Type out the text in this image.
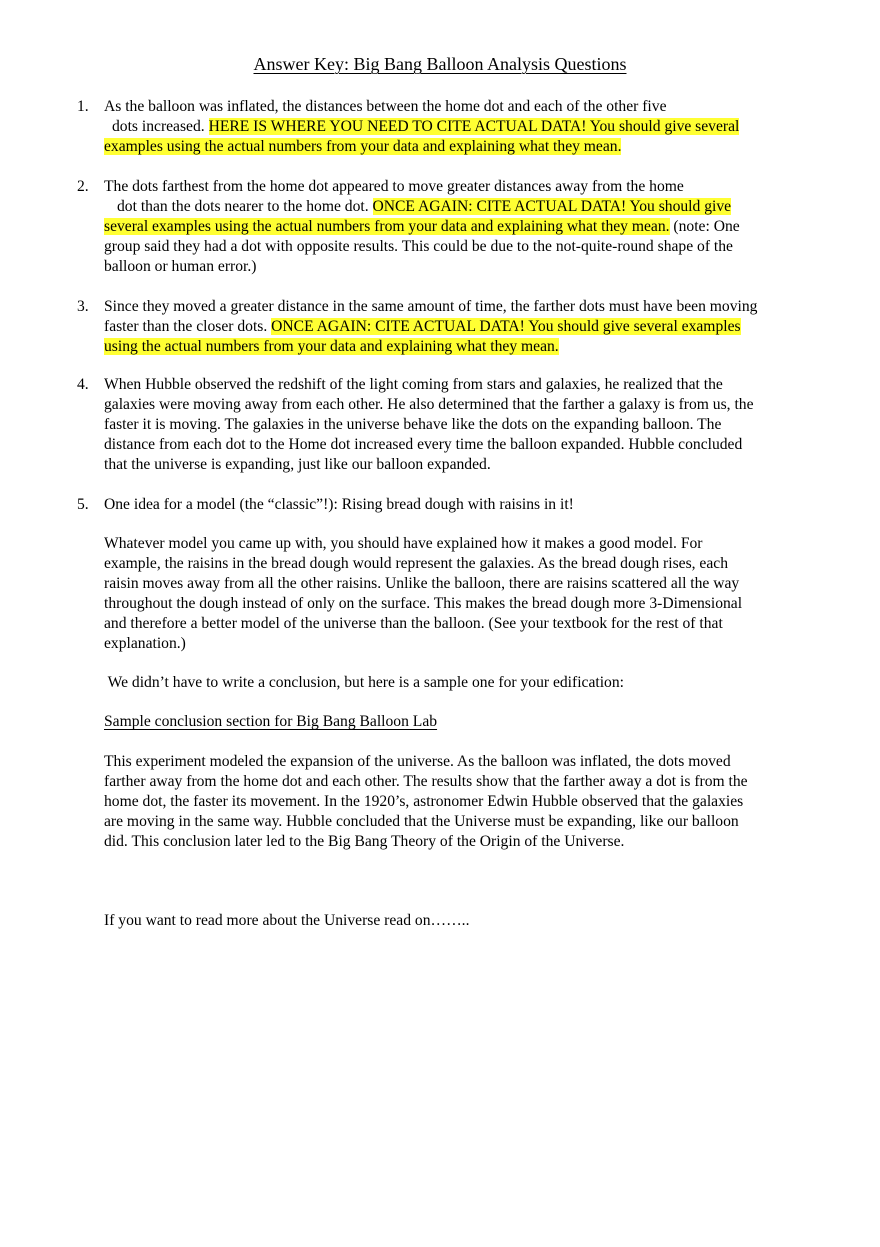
Answer Key: Big Bang Balloon Analysis Questions
1. As the balloon was inflated, the distances between the home dot and each of the other five
dots increased. HERE IS WHERE YOU NEED TO CITE ACTUAL DATA! You should give several
examples using the actual numbers from your data and explaining what they mean.
2. The dots farthest from the home dot appeared to move greater distances away from the home
dot than the dots nearer to the home dot. ONCE AGAIN: CITE ACTUAL DATA! You should give
several examples using the actual numbers from your data and explaining what they mean. (note: One
group said they had a dot with opposite results. This could be due to the not-quite-round shape of the
balloon or human error.)
3. Since they moved a greater distance in the same amount of time, the farther dots must have been moving
faster than the closer dots. ONCE AGAIN: CITE ACTUAL DATA! You should give several examples
using the actual numbers from your data and explaining what they mean.
4. When Hubble observed the redshift of the light coming from stars and galaxies, he realized that the
galaxies were moving away from each other. He also determined that the farther a galaxy is from us, the
faster it is moving. The galaxies in the universe behave like the dots on the expanding balloon. The
distance from each dot to the Home dot increased every time the balloon expanded. Hubble concluded
that the universe is expanding, just like our balloon expanded.
5. One idea for a model (the “classic”!): Rising bread dough with raisins in it!
Whatever model you came up with, you should have explained how it makes a good model. For
example, the raisins in the bread dough would represent the galaxies. As the bread dough rises, each
raisin moves away from all the other raisins. Unlike the balloon, there are raisins scattered all the way
throughout the dough instead of only on the surface. This makes the bread dough more 3-Dimensional
and therefore a better model of the universe than the balloon. (See your textbook for the rest of that
explanation.)
We didn’t have to write a conclusion, but here is a sample one for your edification:
Sample conclusion section for Big Bang Balloon Lab
This experiment modeled the expansion of the universe. As the balloon was inflated, the dots moved
farther away from the home dot and each other. The results show that the farther away a dot is from the
home dot, the faster its movement. In the 1920’s, astronomer Edwin Hubble observed that the galaxies
are moving in the same way. Hubble concluded that the Universe must be expanding, like our balloon
did. This conclusion later led to the Big Bang Theory of the Origin of the Universe.
If you want to read more about the Universe read on……..
